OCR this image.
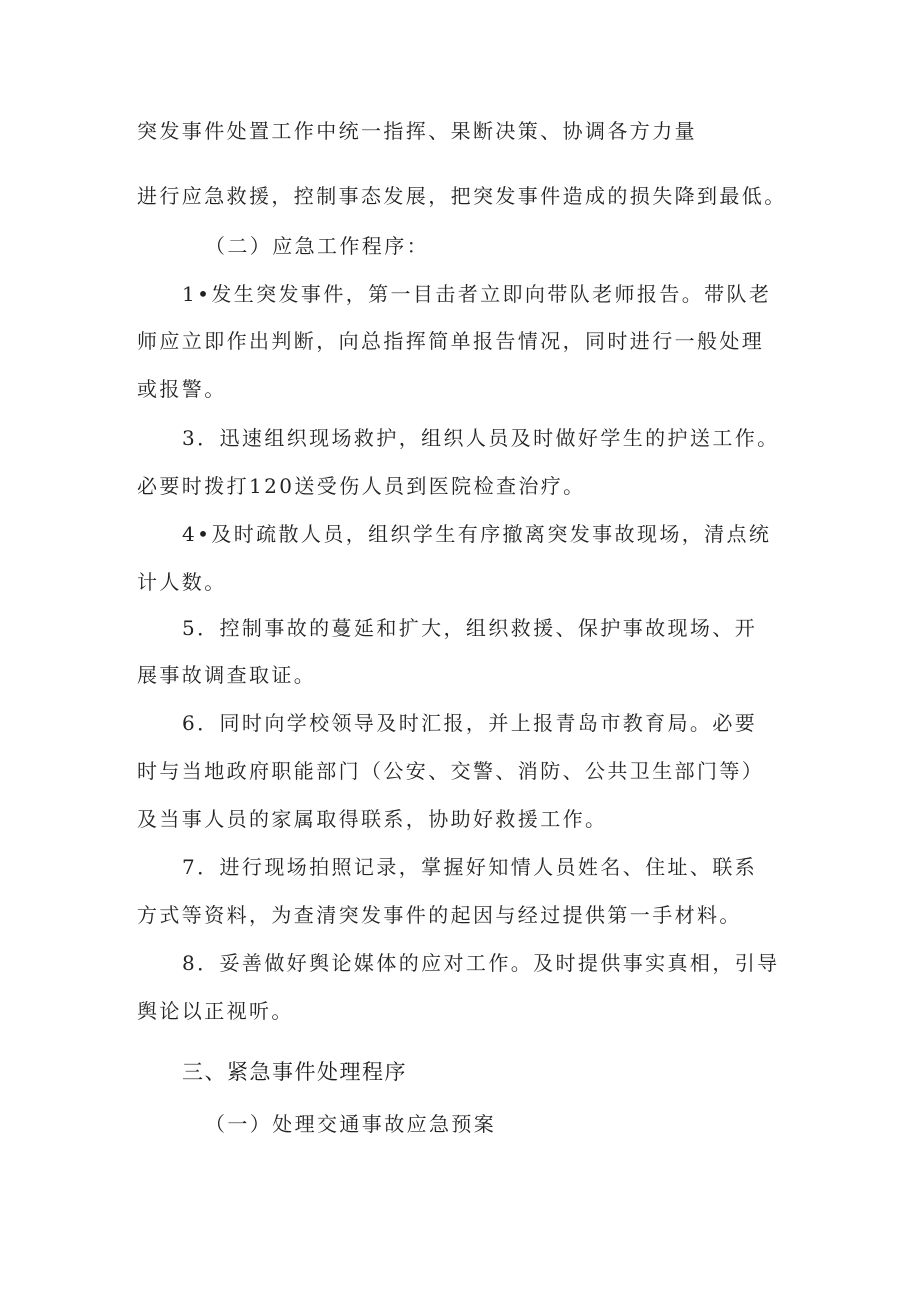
突发事件处置工作中统一指挥、果断决策、协调各方力量
进行应急救援，控制事态发展，把突发事件造成的损失降到最低。
（二）应急工作程序：
1•发生突发事件，第一目击者立即向带队老师报告。带队老
师应立即作出判断，向总指挥简单报告情况，同时进行一般处理
或报警。
3．迅速组织现场救护，组织人员及时做好学生的护送工作。
必要时拨打120送受伤人员到医院检查治疗。
4•及时疏散人员，组织学生有序撤离突发事故现场，清点统
计人数。
5．控制事故的蔓延和扩大，组织救援、保护事故现场、开
展事故调查取证。
6．同时向学校领导及时汇报，并上报青岛市教育局。必要
时与当地政府职能部门（公安、交警、消防、公共卫生部门等）
及当事人员的家属取得联系，协助好救援工作。
7．进行现场拍照记录，掌握好知情人员姓名、住址、联系
方式等资料，为查清突发事件的起因与经过提供第一手材料。
8．妥善做好舆论媒体的应对工作。及时提供事实真相，引导
舆论以正视听。
三、紧急事件处理程序
（一）处理交通事故应急预案
